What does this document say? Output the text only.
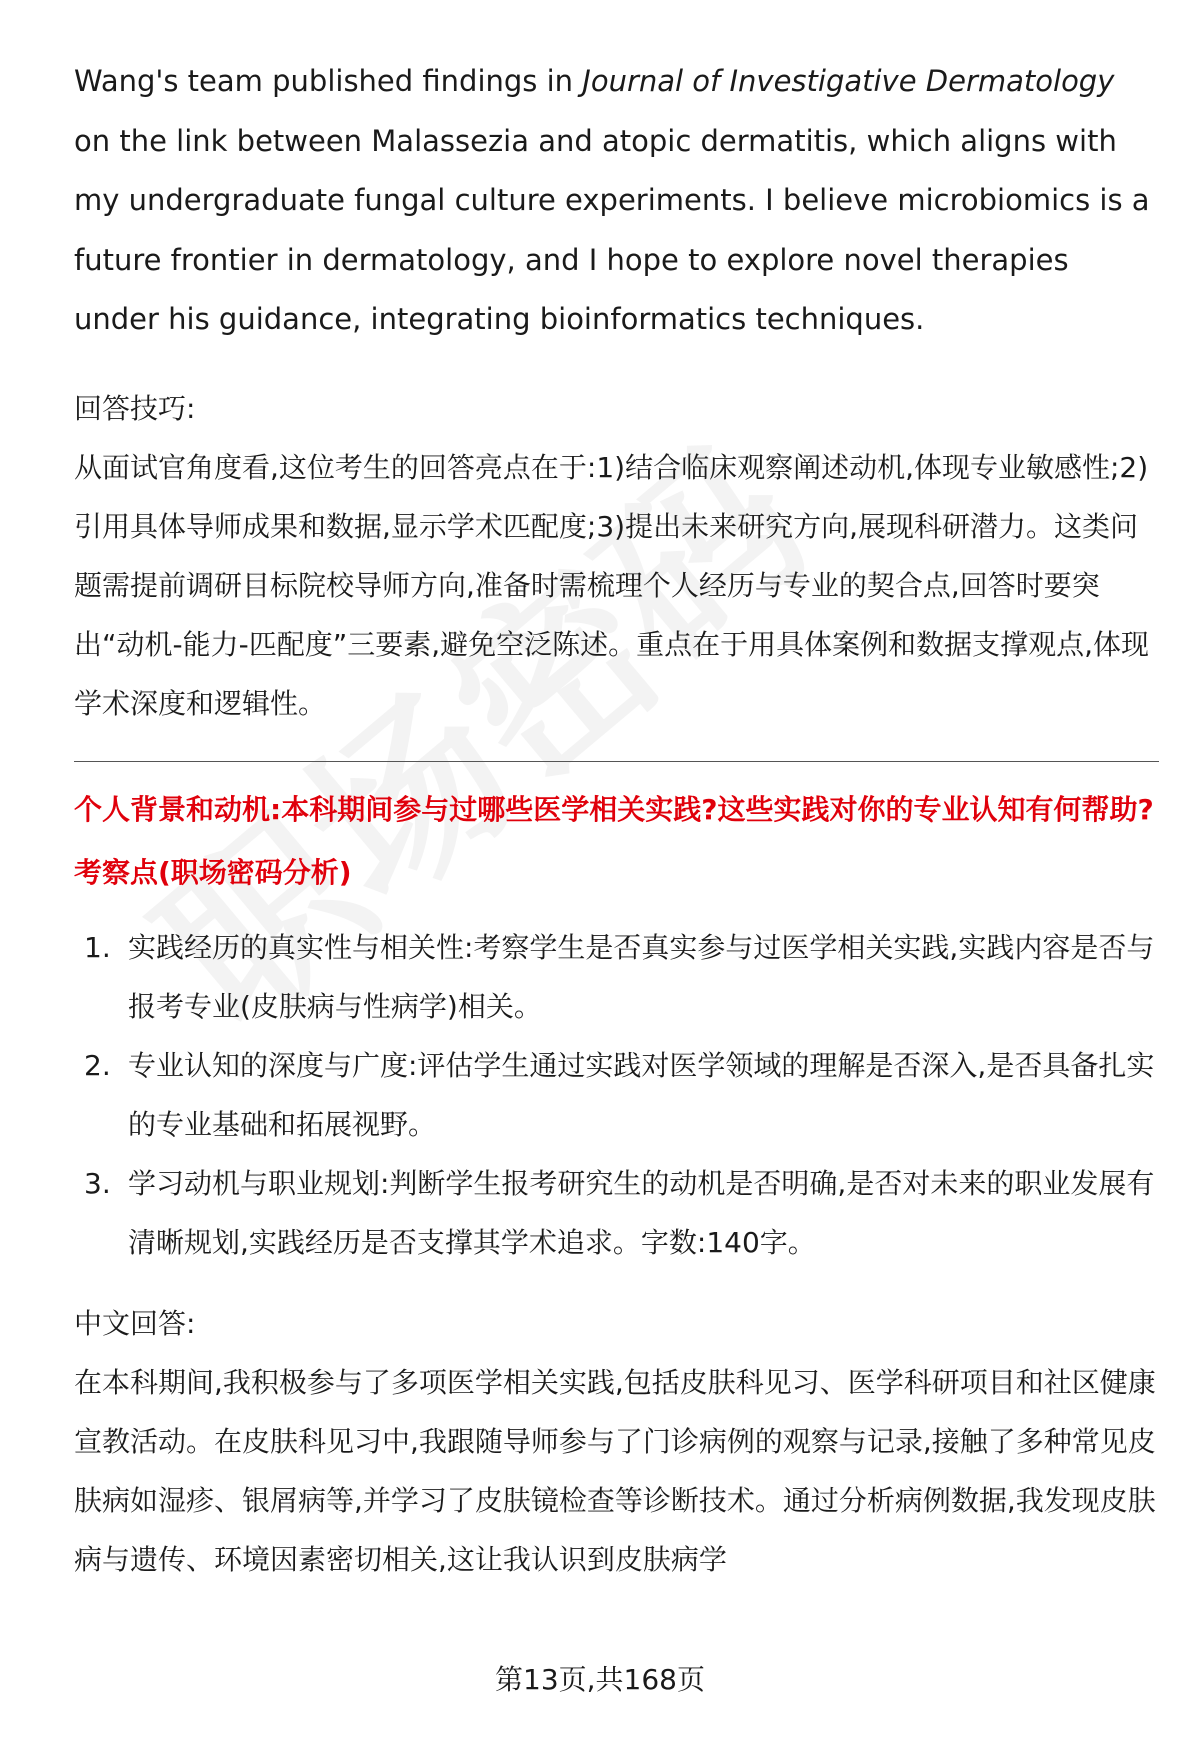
Wang's team published findings in Journal of Investigative Dermatology on the link between Malassezia and atopic dermatitis, which aligns with my undergraduate fungal culture experiments. I believe microbiomics is a future frontier in dermatology, and I hope to explore novel therapies under his guidance, integrating bioinformatics techniques.

回答技巧:

从面试官角度看,这位考生的回答亮点在于:1)结合临床观察阐述动机,体现专业敏感性;2)引用具体导师成果和数据,显示学术匹配度;3)提出未来研究方向,展现科研潜力。这类问题需提前调研目标院校导师方向,准备时需梳理个人经历与专业的契合点,回答时要突出“动机-能力-匹配度”三要素,避免空泛陈述。重点在于用具体案例和数据支撑观点,体现学术深度和逻辑性。

个人背景和动机:本科期间参与过哪些医学相关实践?这些实践对你的专业认知有何帮助?

考察点(职场密码分析)

1. 实践经历的真实性与相关性:考察学生是否真实参与过医学相关实践,实践内容是否与报考专业(皮肤病与性病学)相关。
2. 专业认知的深度与广度:评估学生通过实践对医学领域的理解是否深入,是否具备扎实的专业基础和拓展视野。
3. 学习动机与职业规划:判断学生报考研究生的动机是否明确,是否对未来的职业发展有清晰规划,实践经历是否支撑其学术追求。字数:140字。

中文回答:

在本科期间,我积极参与了多项医学相关实践,包括皮肤科见习、医学科研项目和社区健康宣教活动。在皮肤科见习中,我跟随导师参与了门诊病例的观察与记录,接触了多种常见皮肤病如湿疹、银屑病等,并学习了皮肤镜检查等诊断技术。通过分析病例数据,我发现皮肤病与遗传、环境因素密切相关,这让我认识到皮肤病学

第13页,共168页
